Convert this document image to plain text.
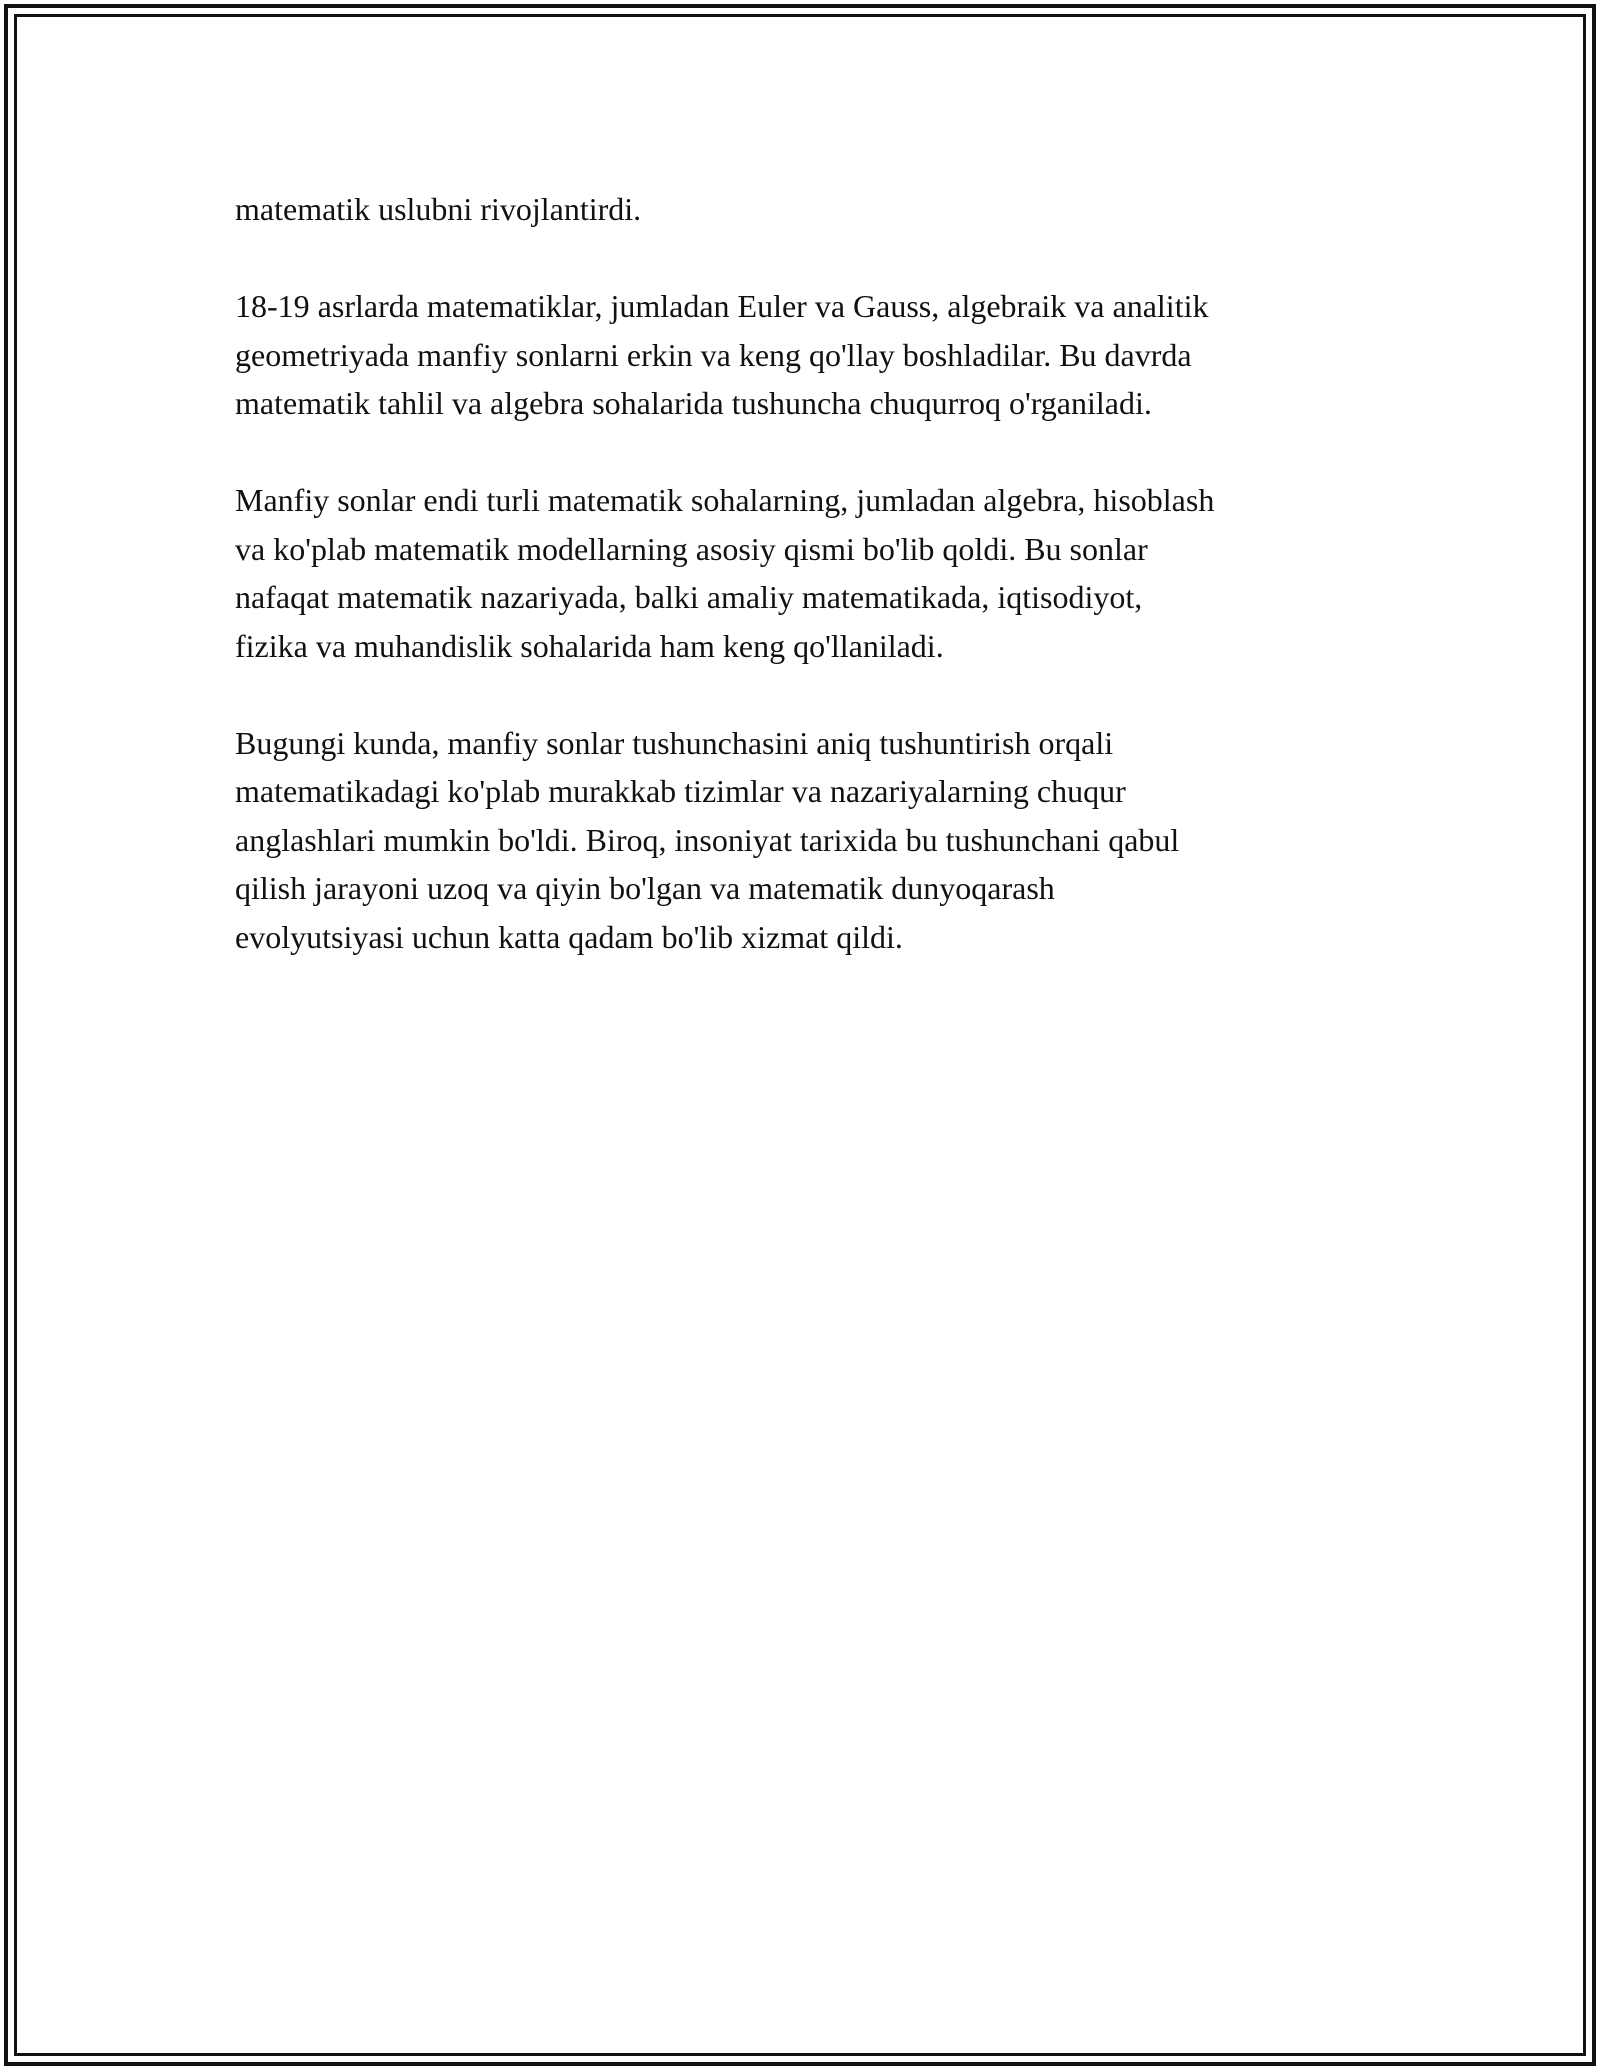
matematik uslubni rivojlantirdi.

18-19 asrlarda matematiklar, jumladan Euler va Gauss, algebraik va analitik
geometriyada manfiy sonlarni erkin va keng qo'llay boshladilar. Bu davrda
matematik tahlil va algebra sohalarida tushuncha chuqurroq o'rganiladi.

Manfiy sonlar endi turli matematik sohalarning, jumladan algebra, hisoblash
va ko'plab matematik modellarning asosiy qismi bo'lib qoldi. Bu sonlar
nafaqat matematik nazariyada, balki amaliy matematikada, iqtisodiyot,
fizika va muhandislik sohalarida ham keng qo'llaniladi.

Bugungi kunda, manfiy sonlar tushunchasini aniq tushuntirish orqali
matematikadagi ko'plab murakkab tizimlar va nazariyalarning chuqur
anglashlari mumkin bo'ldi. Biroq, insoniyat tarixida bu tushunchani qabul
qilish jarayoni uzoq va qiyin bo'lgan va matematik dunyoqarash
evolyutsiyasi uchun katta qadam bo'lib xizmat qildi.
